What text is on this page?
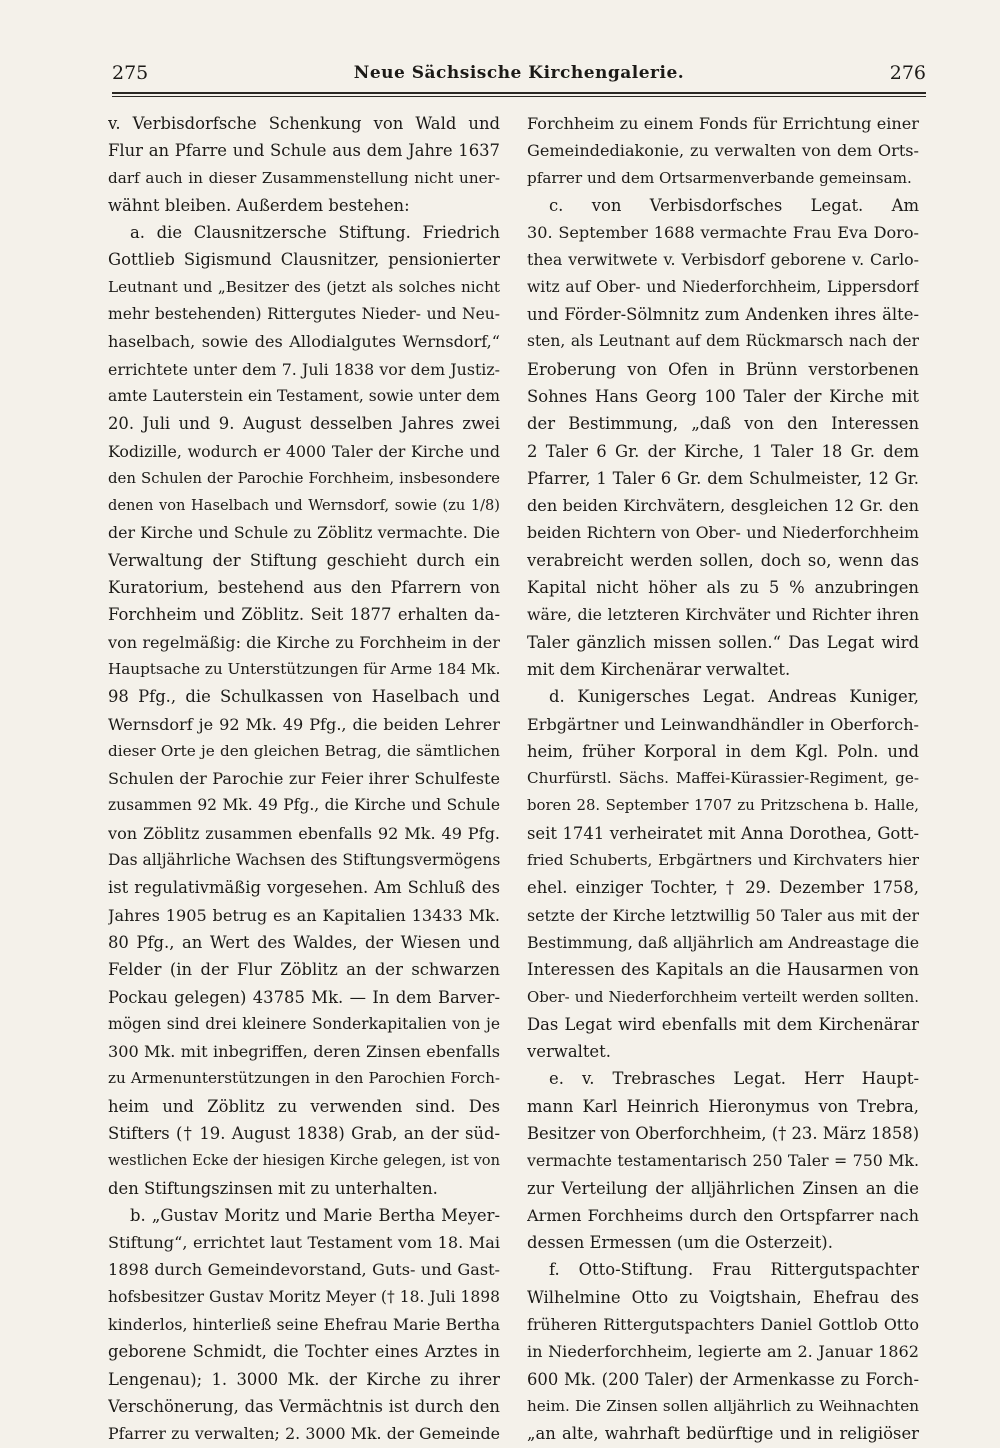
275	Neue Sächsische Kirchengalerie.	276
v. Verbisdorfsche Schenkung von Wald und
Flur an Pfarre und Schule aus dem Jahre 1637
darf auch in dieser Zusammenstellung nicht uner-
wähnt bleiben. Außerdem bestehen:
a. die Clausnitzersche Stiftung. Friedrich
Gottlieb Sigismund Clausnitzer, pensionierter
Leutnant und „Besitzer des (jetzt als solches nicht
mehr bestehenden) Rittergutes Nieder- und Neu-
haselbach, sowie des Allodialgutes Wernsdorf,“
errichtete unter dem 7. Juli 1838 vor dem Justiz-
amte Lauterstein ein Testament, sowie unter dem
20. Juli und 9. August desselben Jahres zwei
Kodizille, wodurch er 4000 Taler der Kirche und
den Schulen der Parochie Forchheim, insbesondere
denen von Haselbach und Wernsdorf, sowie (zu 1/8)
der Kirche und Schule zu Zöblitz vermachte. Die
Verwaltung der Stiftung geschieht durch ein
Kuratorium, bestehend aus den Pfarrern von
Forchheim und Zöblitz. Seit 1877 erhalten da-
von regelmäßig: die Kirche zu Forchheim in der
Hauptsache zu Unterstützungen für Arme 184 Mk.
98 Pfg., die Schulkassen von Haselbach und
Wernsdorf je 92 Mk. 49 Pfg., die beiden Lehrer
dieser Orte je den gleichen Betrag, die sämtlichen
Schulen der Parochie zur Feier ihrer Schulfeste
zusammen 92 Mk. 49 Pfg., die Kirche und Schule
von Zöblitz zusammen ebenfalls 92 Mk. 49 Pfg.
Das alljährliche Wachsen des Stiftungsvermögens
ist regulativmäßig vorgesehen. Am Schluß des
Jahres 1905 betrug es an Kapitalien 13433 Mk.
80 Pfg., an Wert des Waldes, der Wiesen und
Felder (in der Flur Zöblitz an der schwarzen
Pockau gelegen) 43785 Mk. — In dem Barver-
mögen sind drei kleinere Sonderkapitalien von je
300 Mk. mit inbegriffen, deren Zinsen ebenfalls
zu Armenunterstützungen in den Parochien Forch-
heim und Zöblitz zu verwenden sind. Des
Stifters († 19. August 1838) Grab, an der süd-
westlichen Ecke der hiesigen Kirche gelegen, ist von
den Stiftungszinsen mit zu unterhalten.
b. „Gustav Moritz und Marie Bertha Meyer-
Stiftung“, errichtet laut Testament vom 18. Mai
1898 durch Gemeindevorstand, Guts- und Gast-
hofsbesitzer Gustav Moritz Meyer († 18. Juli 1898
kinderlos, hinterließ seine Ehefrau Marie Bertha
geborene Schmidt, die Tochter eines Arztes in
Lengenau); 1. 3000 Mk. der Kirche zu ihrer
Verschönerung, das Vermächtnis ist durch den
Pfarrer zu verwalten; 2. 3000 Mk. der Gemeinde
Forchheim zu einem Fonds für Errichtung einer
Gemeindediakonie, zu verwalten von dem Orts-
pfarrer und dem Ortsarmenverbande gemeinsam.
c. von Verbisdorfsches Legat. Am
30. September 1688 vermachte Frau Eva Doro-
thea verwitwete v. Verbisdorf geborene v. Carlo-
witz auf Ober- und Niederforchheim, Lippersdorf
und Förder-Sölmnitz zum Andenken ihres älte-
sten, als Leutnant auf dem Rückmarsch nach der
Eroberung von Ofen in Brünn verstorbenen
Sohnes Hans Georg 100 Taler der Kirche mit
der Bestimmung, „daß von den Interessen
2 Taler 6 Gr. der Kirche, 1 Taler 18 Gr. dem
Pfarrer, 1 Taler 6 Gr. dem Schulmeister, 12 Gr.
den beiden Kirchvätern, desgleichen 12 Gr. den
beiden Richtern von Ober- und Niederforchheim
verabreicht werden sollen, doch so, wenn das
Kapital nicht höher als zu 5 % anzubringen
wäre, die letzteren Kirchväter und Richter ihren
Taler gänzlich missen sollen.“ Das Legat wird
mit dem Kirchenärar verwaltet.
d. Kunigersches Legat. Andreas Kuniger,
Erbgärtner und Leinwandhändler in Oberforch-
heim, früher Korporal in dem Kgl. Poln. und
Churfürstl. Sächs. Maffei-Kürassier-Regiment, ge-
boren 28. September 1707 zu Pritzschena b. Halle,
seit 1741 verheiratet mit Anna Dorothea, Gott-
fried Schuberts, Erbgärtners und Kirchvaters hier
ehel. einziger Tochter, † 29. Dezember 1758,
setzte der Kirche letztwillig 50 Taler aus mit der
Bestimmung, daß alljährlich am Andreastage die
Interessen des Kapitals an die Hausarmen von
Ober- und Niederforchheim verteilt werden sollten.
Das Legat wird ebenfalls mit dem Kirchenärar
verwaltet.
e. v. Trebrasches Legat. Herr Haupt-
mann Karl Heinrich Hieronymus von Trebra,
Besitzer von Oberforchheim, († 23. März 1858)
vermachte testamentarisch 250 Taler = 750 Mk.
zur Verteilung der alljährlichen Zinsen an die
Armen Forchheims durch den Ortspfarrer nach
dessen Ermessen (um die Osterzeit).
f. Otto-Stiftung. Frau Rittergutspachter
Wilhelmine Otto zu Voigtshain, Ehefrau des
früheren Rittergutspachters Daniel Gottlob Otto
in Niederforchheim, legierte am 2. Januar 1862
600 Mk. (200 Taler) der Armenkasse zu Forch-
heim. Die Zinsen sollen alljährlich zu Weihnachten
„an alte, wahrhaft bedürftige und in religiöser
